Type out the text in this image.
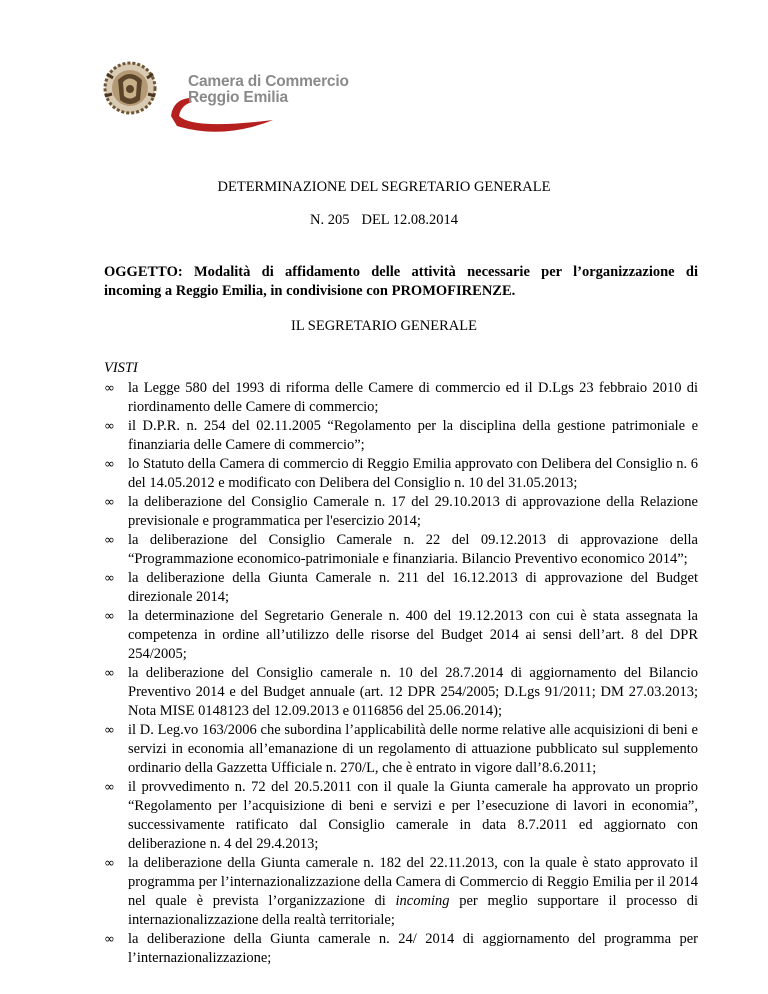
Camera di Commercio
Reggio Emilia
DETERMINAZIONE DEL SEGRETARIO GENERALE
N. 205 DEL 12.08.2014
OGGETTO: Modalità di affidamento delle attività necessarie per l’organizzazione di
incoming a Reggio Emilia, in condivisione con PROMOFIRENZE.
IL SEGRETARIO GENERALE
VISTI
∞ la Legge 580 del 1993 di riforma delle Camere di commercio ed il D.Lgs 23 febbraio 2010 di riordinamento delle Camere di commercio;
∞ il D.P.R. n. 254 del 02.11.2005 “Regolamento per la disciplina della gestione patrimoniale e finanziaria delle Camere di commercio”;
∞ lo Statuto della Camera di commercio di Reggio Emilia approvato con Delibera del Consiglio n. 6 del 14.05.2012 e modificato con Delibera del Consiglio n. 10 del 31.05.2013;
∞ la deliberazione del Consiglio Camerale n. 17 del 29.10.2013 di approvazione della Relazione previsionale e programmatica per l'esercizio 2014;
∞ la deliberazione del Consiglio Camerale n. 22 del 09.12.2013 di approvazione della “Programmazione economico-patrimoniale e finanziaria. Bilancio Preventivo economico 2014”;
∞ la deliberazione della Giunta Camerale n. 211 del 16.12.2013 di approvazione del Budget direzionale 2014;
∞ la determinazione del Segretario Generale n. 400 del 19.12.2013 con cui è stata assegnata la competenza in ordine all’utilizzo delle risorse del Budget 2014 ai sensi dell’art. 8 del DPR 254/2005;
∞ la deliberazione del Consiglio camerale n. 10 del 28.7.2014 di aggiornamento del Bilancio Preventivo 2014 e del Budget annuale (art. 12 DPR 254/2005; D.Lgs 91/2011; DM 27.03.2013; Nota MISE 0148123 del 12.09.2013 e 0116856 del 25.06.2014);
∞ il D. Leg.vo 163/2006 che subordina l’applicabilità delle norme relative alle acquisizioni di beni e servizi in economia all’emanazione di un regolamento di attuazione pubblicato sul supplemento ordinario della Gazzetta Ufficiale n. 270/L, che è entrato in vigore dall’8.6.2011;
∞ il provvedimento n. 72 del 20.5.2011 con il quale la Giunta camerale ha approvato un proprio “Regolamento per l’acquisizione di beni e servizi e per l’esecuzione di lavori in economia”, successivamente ratificato dal Consiglio camerale in data 8.7.2011 ed aggiornato con deliberazione n. 4 del 29.4.2013;
∞ la deliberazione della Giunta camerale n. 182 del 22.11.2013, con la quale è stato approvato il programma per l’internazionalizzazione della Camera di Commercio di Reggio Emilia per il 2014 nel quale è prevista l’organizzazione di incoming per meglio supportare il processo di internazionalizzazione della realtà territoriale;
∞ la deliberazione della Giunta camerale n. 24/ 2014 di aggiornamento del programma per l’internazionalizzazione;
